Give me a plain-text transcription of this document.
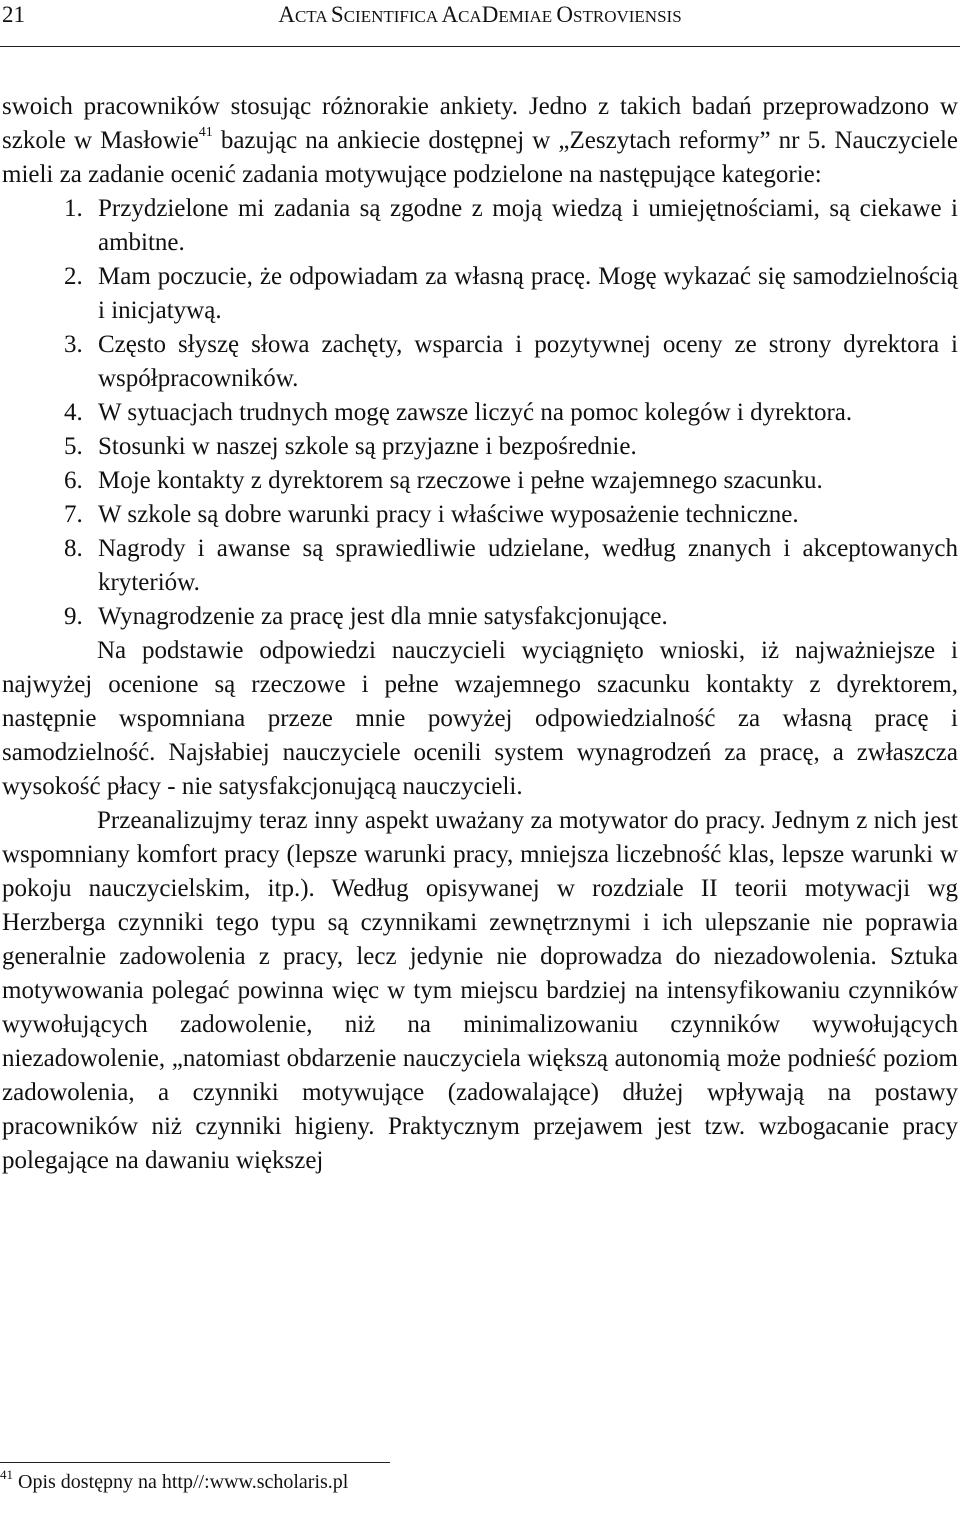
21	ACTA SCIENTIFICA ACADEMIAE OSTROVIENSIS

swoich pracowników stosując różnorakie ankiety. Jedno z takich badań przeprowadzono w szkole w Masłowie$^{41}$ bazując na ankiecie dostępnej w „Zeszytach reformy” nr 5. Nauczyciele mieli za zadanie ocenić zadania motywujące podzielone na następujące kategorie:

1. Przydzielone mi zadania są zgodne z moją wiedzą i umiejętnościami, są ciekawe i ambitne.
2. Mam poczucie, że odpowiadam za własną pracę. Mogę wykazać się samodzielnością i inicjatywą.
3. Często słyszę słowa zachęty, wsparcia i pozytywnej oceny ze strony dyrektora i współpracowników.
4. W sytuacjach trudnych mogę zawsze liczyć na pomoc kolegów i dyrektora.
5. Stosunki w naszej szkole są przyjazne i bezpośrednie.
6. Moje kontakty z dyrektorem są rzeczowe i pełne wzajemnego szacunku.
7. W szkole są dobre warunki pracy i właściwe wyposażenie techniczne.
8. Nagrody i awanse są sprawiedliwie udzielane, według znanych i akceptowanych kryteriów.
9. Wynagrodzenie za pracę jest dla mnie satysfakcjonujące.

Na podstawie odpowiedzi nauczycieli wyciągnięto wnioski, iż najważniejsze i najwyżej ocenione są rzeczowe i pełne wzajemnego szacunku kontakty z dyrektorem, następnie wspomniana przeze mnie powyżej odpowiedzialność za własną pracę i samodzielność. Najsłabiej nauczyciele ocenili system wynagrodzeń za pracę, a zwłaszcza wysokość płacy - nie satysfakcjonującą nauczycieli.

Przeanalizujmy teraz inny aspekt uważany za motywator do pracy. Jednym z nich jest wspomniany komfort pracy (lepsze warunki pracy, mniejsza liczebność klas, lepsze warunki w pokoju nauczycielskim, itp.). Według opisywanej w rozdziale II teorii motywacji wg Herzberga czynniki tego typu są czynnikami zewnętrznymi i ich ulepszanie nie poprawia generalnie zadowolenia z pracy, lecz jedynie nie doprowadza do niezadowolenia. Sztuka motywowania polegać powinna więc w tym miejscu bardziej na intensyfikowaniu czynników wywołujących zadowolenie, niż na minimalizowaniu czynników wywołujących niezadowolenie, „natomiast obdarzenie nauczyciela większą autonomią może podnieść poziom zadowolenia, a czynniki motywujące (zadowalające) dłużej wpływają na postawy pracowników niż czynniki higieny. Praktycznym przejawem jest tzw. wzbogacanie pracy polegające na dawaniu większej

$^{41}$ Opis dostępny na http//:www.scholaris.pl
